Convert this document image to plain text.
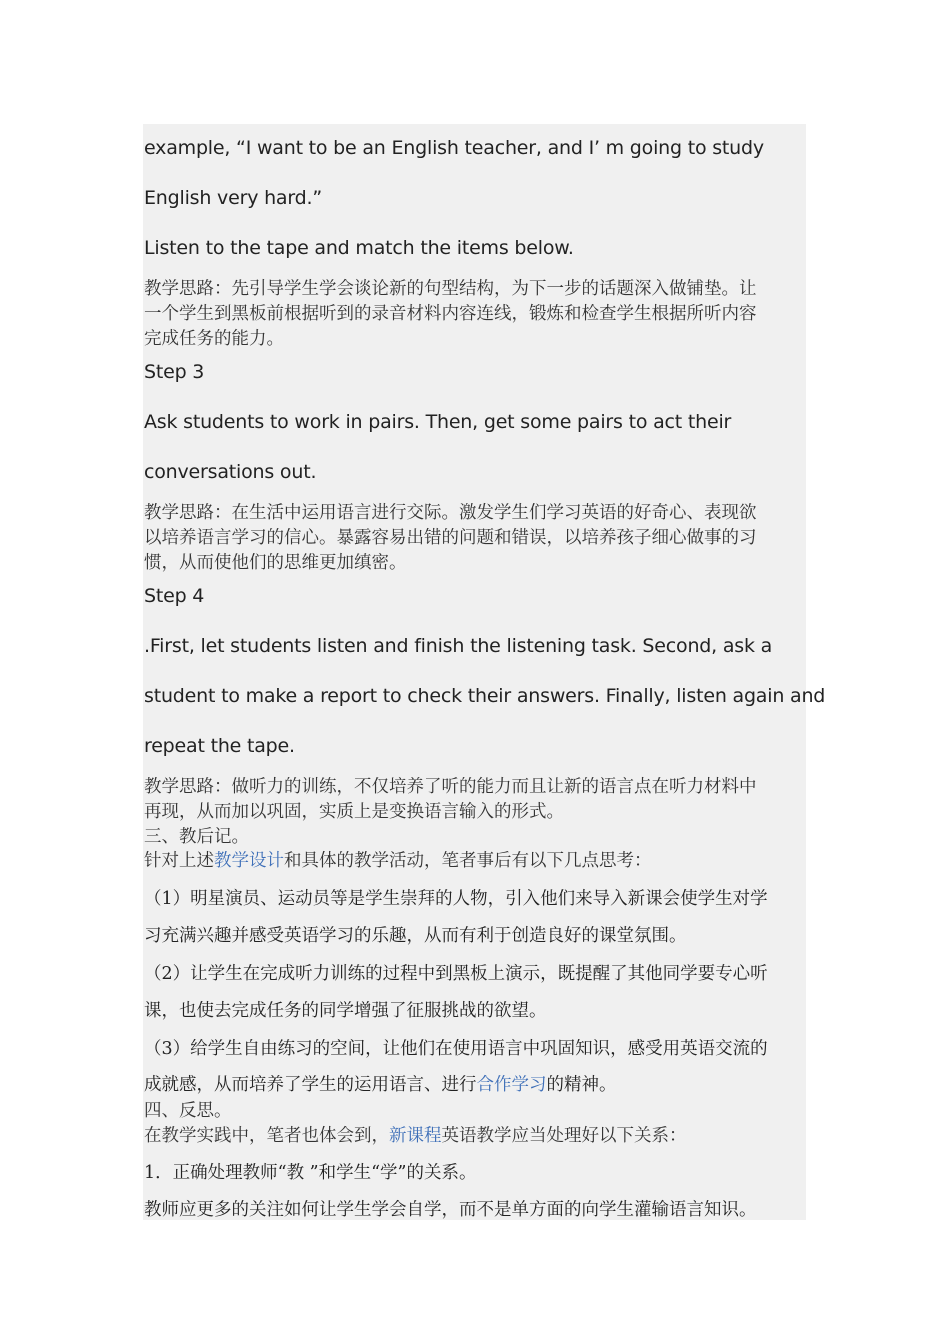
example, “I want to be an English teacher, and I’ m going to study
English very hard.”
Listen to the tape and match the items below.
教学思路：先引导学生学会谈论新的句型结构，为下一步的话题深入做铺垫。让
一个学生到黑板前根据听到的录音材料内容连线，锻炼和检查学生根据所听内容
完成任务的能力。
Step 3
Ask students to work in pairs. Then, get some pairs to act their
conversations out.
教学思路：在生活中运用语言进行交际。激发学生们学习英语的好奇心、表现欲
以培养语言学习的信心。暴露容易出错的问题和错误，以培养孩子细心做事的习
惯，从而使他们的思维更加缜密。
Step 4
.First, let students listen and finish the listening task. Second, ask a
student to make a report to check their answers. Finally, listen again and
repeat the tape.
教学思路：做听力的训练，不仅培养了听的能力而且让新的语言点在听力材料中
再现，从而加以巩固，实质上是变换语言输入的形式。
三、教后记。
针对上述教学设计和具体的教学活动，笔者事后有以下几点思考：
（1）明星演员、运动员等是学生崇拜的人物，引入他们来导入新课会使学生对学
习充满兴趣并感受英语学习的乐趣，从而有利于创造良好的课堂氛围。
（2）让学生在完成听力训练的过程中到黑板上演示，既提醒了其他同学要专心听
课，也使去完成任务的同学增强了征服挑战的欲望。
（3）给学生自由练习的空间，让他们在使用语言中巩固知识，感受用英语交流的
成就感，从而培养了学生的运用语言、进行合作学习的精神。
四、反思。
在教学实践中，笔者也体会到，新课程英语教学应当处理好以下关系：
1．正确处理教师“教 ”和学生“学”的关系。
教师应更多的关注如何让学生学会自学，而不是单方面的向学生灌输语言知识。
